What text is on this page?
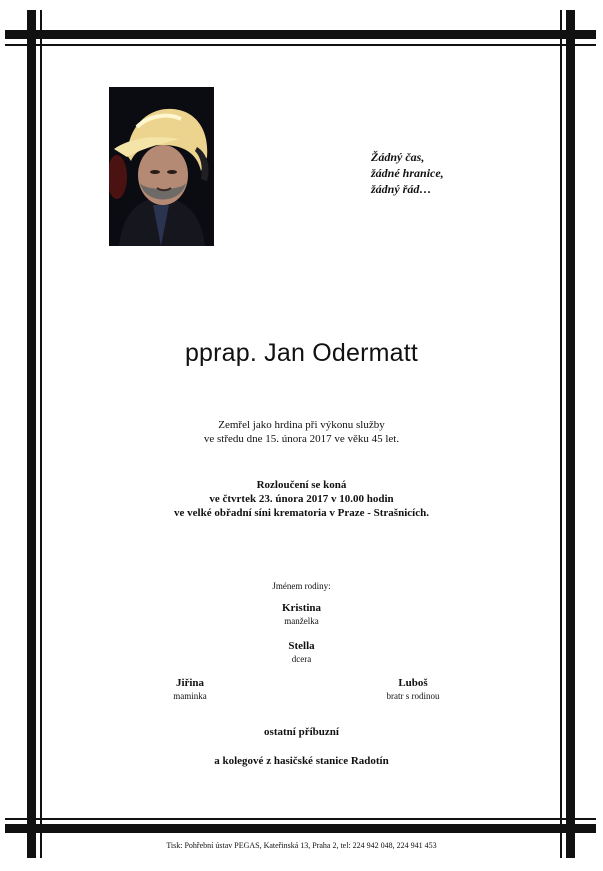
Žádný čas,
žádné hranice,
žádný řád…
pprap. Jan Odermatt
Zemřel jako hrdina při výkonu služby
ve středu dne 15. února 2017 ve věku 45 let.
Rozloučení se koná
ve čtvrtek 23. února 2017 v 10.00 hodin
ve velké obřadní síni krematoria v Praze - Strašnicích.
Jménem rodiny:
Kristina
manželka
Stella
dcera
Jiřina
maminka
Luboš
bratr s rodinou
ostatní příbuzní
a kolegové z hasičské stanice Radotín
Tisk: Pohřební ústav PEGAS, Kateřinská 13, Praha 2, tel: 224 942 048, 224 941 453
